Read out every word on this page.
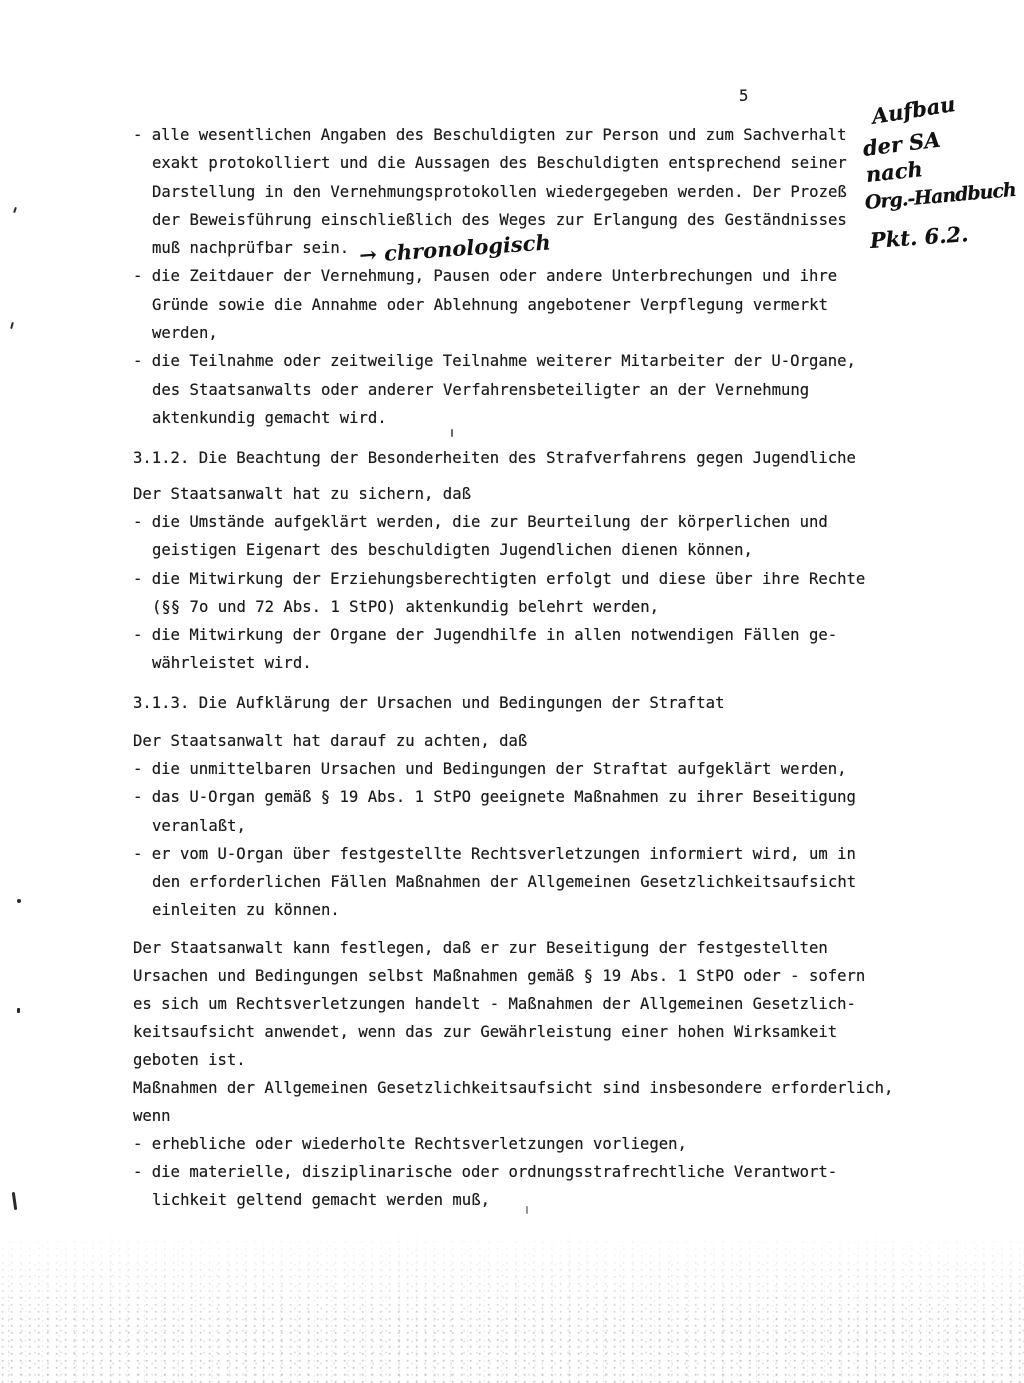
5	Aufbau
der SA
nach
Org.-Handbuch
Pkt. 6.2.
- alle wesentlichen Angaben des Beschuldigten zur Person und zum Sachverhalt
exakt protokolliert und die Aussagen des Beschuldigten entsprechend seiner
Darstellung in den Vernehmungsprotokollen wiedergegeben werden. Der Prozeß
der Beweisführung einschließlich des Weges zur Erlangung des Geständnisses
muß nachprüfbar sein. → chronologisch
- die Zeitdauer der Vernehmung, Pausen oder andere Unterbrechungen und ihre
Gründe sowie die Annahme oder Ablehnung angebotener Verpflegung vermerkt
werden,
- die Teilnahme oder zeitweilige Teilnahme weiterer Mitarbeiter der U-Organe,
des Staatsanwalts oder anderer Verfahrensbeteiligter an der Vernehmung
aktenkundig gemacht wird.
3.1.2. Die Beachtung der Besonderheiten des Strafverfahrens gegen Jugendliche
Der Staatsanwalt hat zu sichern, daß
- die Umstände aufgeklärt werden, die zur Beurteilung der körperlichen und
geistigen Eigenart des beschuldigten Jugendlichen dienen können,
- die Mitwirkung der Erziehungsberechtigten erfolgt und diese über ihre Rechte
(§§ 7o und 72 Abs. 1 StPO) aktenkundig belehrt werden,
- die Mitwirkung der Organe der Jugendhilfe in allen notwendigen Fällen ge-
währleistet wird.
3.1.3. Die Aufklärung der Ursachen und Bedingungen der Straftat
Der Staatsanwalt hat darauf zu achten, daß
- die unmittelbaren Ursachen und Bedingungen der Straftat aufgeklärt werden,
- das U-Organ gemäß § 19 Abs. 1 StPO geeignete Maßnahmen zu ihrer Beseitigung
veranlaßt,
- er vom U-Organ über festgestellte Rechtsverletzungen informiert wird, um in
den erforderlichen Fällen Maßnahmen der Allgemeinen Gesetzlichkeitsaufsicht
einleiten zu können.
Der Staatsanwalt kann festlegen, daß er zur Beseitigung der festgestellten
Ursachen und Bedingungen selbst Maßnahmen gemäß § 19 Abs. 1 StPO oder - sofern
es sich um Rechtsverletzungen handelt - Maßnahmen der Allgemeinen Gesetzlich-
keitsaufsicht anwendet, wenn das zur Gewährleistung einer hohen Wirksamkeit
geboten ist.
Maßnahmen der Allgemeinen Gesetzlichkeitsaufsicht sind insbesondere erforderlich,
wenn
- erhebliche oder wiederholte Rechtsverletzungen vorliegen,
- die materielle, disziplinarische oder ordnungsstrafrechtliche Verantwort-
lichkeit geltend gemacht werden muß,
